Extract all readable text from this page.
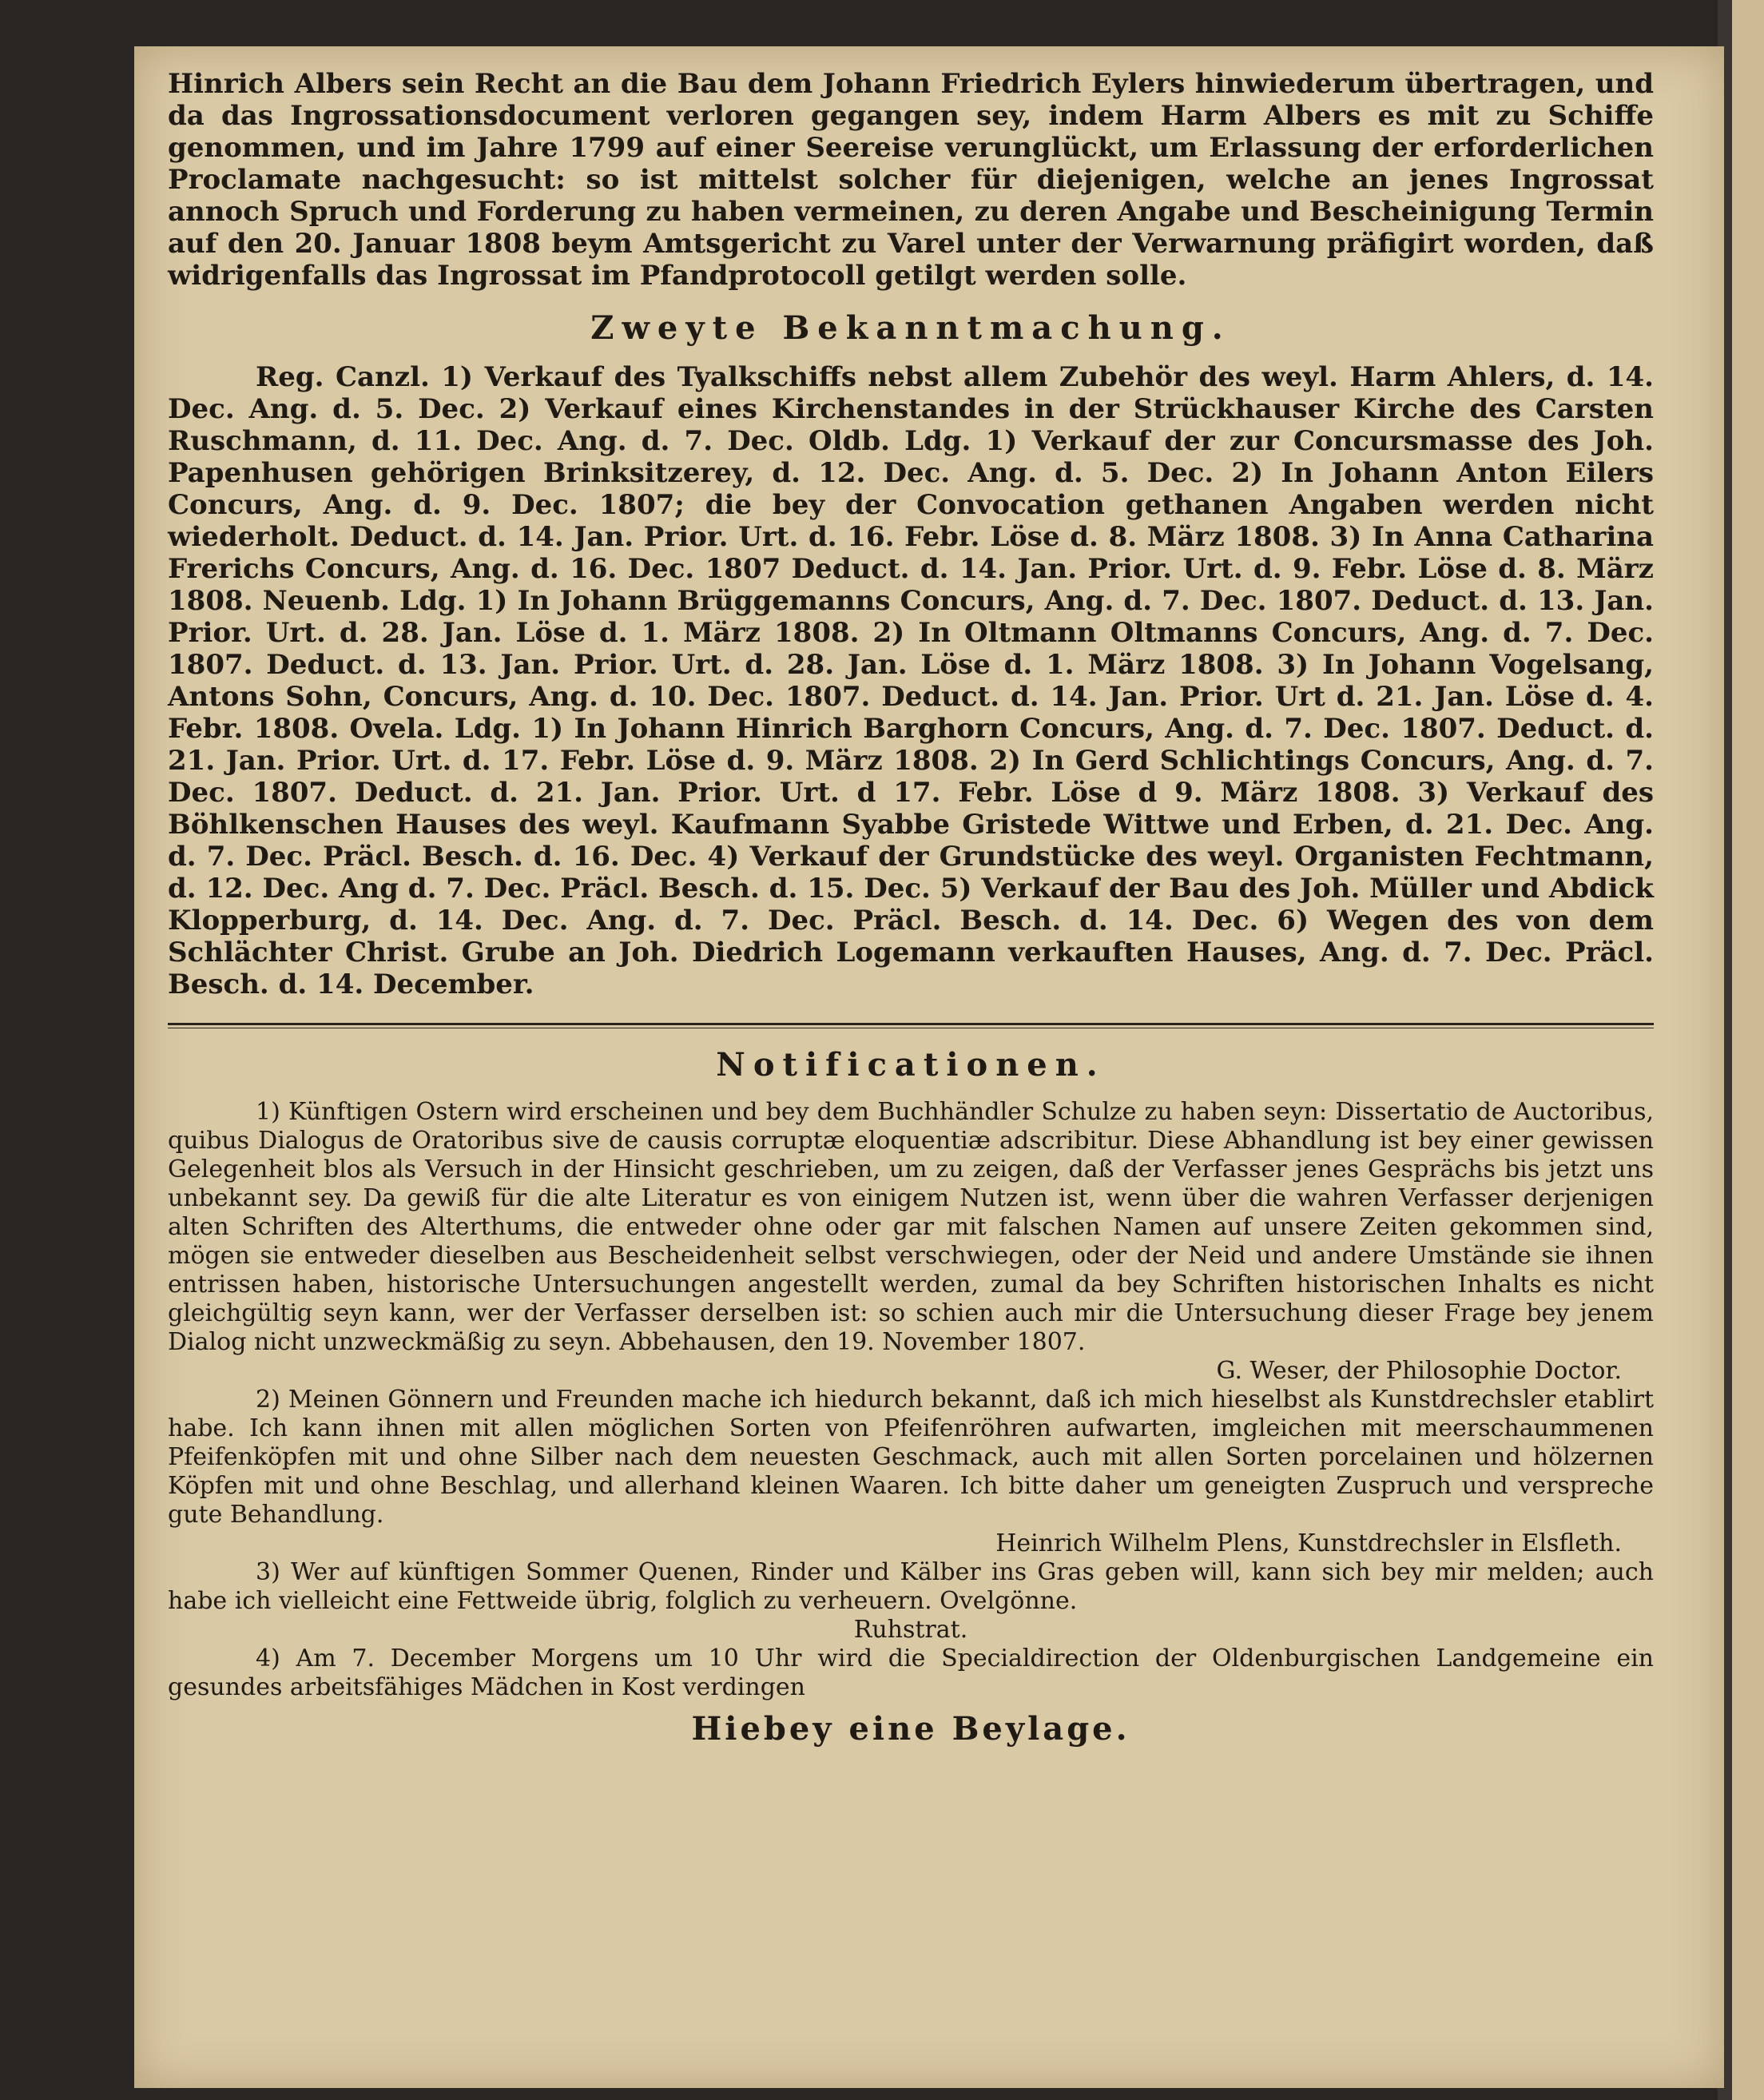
Hinrich Albers sein Recht an die Bau dem Johann Friedrich Eylers hinwiederum übertragen, und da das Ingrossationsdocument verloren gegangen sey, indem Harm Albers es mit zu Schiffe genommen, und im Jahre 1799 auf einer Seereise verunglückt, um Erlassung der erforderlichen Proclamate nachgesucht: so ist mittelst solcher für diejenigen, welche an jenes Ingrossat annoch Spruch und Forderung zu haben vermeinen, zu deren Angabe und Bescheinigung Termin auf den 20. Januar 1808 beym Amtsgericht zu Varel unter der Verwarnung präfigirt worden, daß widrigenfalls das Ingrossat im Pfandprotocoll getilgt werden solle.

Zweyte Bekanntmachung.

Reg. Canzl. 1) Verkauf des Tyalkschiffs nebst allem Zubehör des weyl. Harm Ahlers, d. 14. Dec. Ang. d. 5. Dec. 2) Verkauf eines Kirchenstandes in der Strückhauser Kirche des Carsten Ruschmann, d. 11. Dec. Ang. d. 7. Dec. Oldb. Ldg. 1) Verkauf der zur Concursmasse des Joh. Papenhusen gehörigen Brinksitzerey, d. 12. Dec. Ang. d. 5. Dec. 2) In Johann Anton Eilers Concurs, Ang. d. 9. Dec. 1807; die bey der Convocation gethanen Angaben werden nicht wiederholt. Deduct. d. 14. Jan. Prior. Urt. d. 16. Febr. Löse d. 8. März 1808. 3) In Anna Catharina Frerichs Concurs, Ang. d. 16. Dec. 1807 Deduct. d. 14. Jan. Prior. Urt. d. 9. Febr. Löse d. 8. März 1808. Neuenb. Ldg. 1) In Johann Brüggemanns Concurs, Ang. d. 7. Dec. 1807. Deduct. d. 13. Jan. Prior. Urt. d. 28. Jan. Löse d. 1. März 1808. 2) In Oltmann Oltmanns Concurs, Ang. d. 7. Dec. 1807. Deduct. d. 13. Jan. Prior. Urt. d. 28. Jan. Löse d. 1. März 1808. 3) In Johann Vogelsang, Antons Sohn, Concurs, Ang. d. 10. Dec. 1807. Deduct. d. 14. Jan. Prior. Urt d. 21. Jan. Löse d. 4. Febr. 1808. Ovela. Ldg. 1) In Johann Hinrich Barghorn Concurs, Ang. d. 7. Dec. 1807. Deduct. d. 21. Jan. Prior. Urt. d. 17. Febr. Löse d. 9. März 1808. 2) In Gerd Schlichtings Concurs, Ang. d. 7. Dec. 1807. Deduct. d. 21. Jan. Prior. Urt. d 17. Febr. Löse d 9. März 1808. 3) Verkauf des Böhlkenschen Hauses des weyl. Kaufmann Syabbe Gristede Wittwe und Erben, d. 21. Dec. Ang. d. 7. Dec. Präcl. Besch. d. 16. Dec. 4) Verkauf der Grundstücke des weyl. Organisten Fechtmann, d. 12. Dec. Ang d. 7. Dec. Präcl. Besch. d. 15. Dec. 5) Verkauf der Bau des Joh. Müller und Abdick Klopperburg, d. 14. Dec. Ang. d. 7. Dec. Präcl. Besch. d. 14. Dec. 6) Wegen des von dem Schlächter Christ. Grube an Joh. Diedrich Logemann verkauften Hauses, Ang. d. 7. Dec. Präcl. Besch. d. 14. December.

Notificationen.

1) Künftigen Ostern wird erscheinen und bey dem Buchhändler Schulze zu haben seyn: Dissertatio de Auctoribus, quibus Dialogus de Oratoribus sive de causis corruptæ eloquentiæ adscribitur. Diese Abhandlung ist bey einer gewissen Gelegenheit blos als Versuch in der Hinsicht geschrieben, um zu zeigen, daß der Verfasser jenes Gesprächs bis jetzt uns unbekannt sey. Da gewiß für die alte Literatur es von einigem Nutzen ist, wenn über die wahren Verfasser derjenigen alten Schriften des Alterthums, die entweder ohne oder gar mit falschen Namen auf unsere Zeiten gekommen sind, mögen sie entweder dieselben aus Bescheidenheit selbst verschwiegen, oder der Neid und andere Umstände sie ihnen entrissen haben, historische Untersuchungen angestellt werden, zumal da bey Schriften historischen Inhalts es nicht gleichgültig seyn kann, wer der Verfasser derselben ist: so schien auch mir die Untersuchung dieser Frage bey jenem Dialog nicht unzweckmäßig zu seyn. Abbehausen, den 19. November 1807.

G. Weser, der Philosophie Doctor.

2) Meinen Gönnern und Freunden mache ich hiedurch bekannt, daß ich mich hieselbst als Kunstdrechsler etablirt habe. Ich kann ihnen mit allen möglichen Sorten von Pfeifenröhren aufwarten, imgleichen mit meerschaummenen Pfeifenköpfen mit und ohne Silber nach dem neuesten Geschmack, auch mit allen Sorten porcelainen und hölzernen Köpfen mit und ohne Beschlag, und allerhand kleinen Waaren. Ich bitte daher um geneigten Zuspruch und verspreche gute Behandlung.

Heinrich Wilhelm Plens, Kunstdrechsler in Elsfleth.

3) Wer auf künftigen Sommer Quenen, Rinder und Kälber ins Gras geben will, kann sich bey mir melden; auch habe ich vielleicht eine Fettweide übrig, folglich zu verheuern. Ovelgönne.

Ruhstrat.

4) Am 7. December Morgens um 10 Uhr wird die Specialdirection der Oldenburgischen Landgemeine ein gesundes arbeitsfähiges Mädchen in Kost verdingen

Hiebey eine Beylage.
